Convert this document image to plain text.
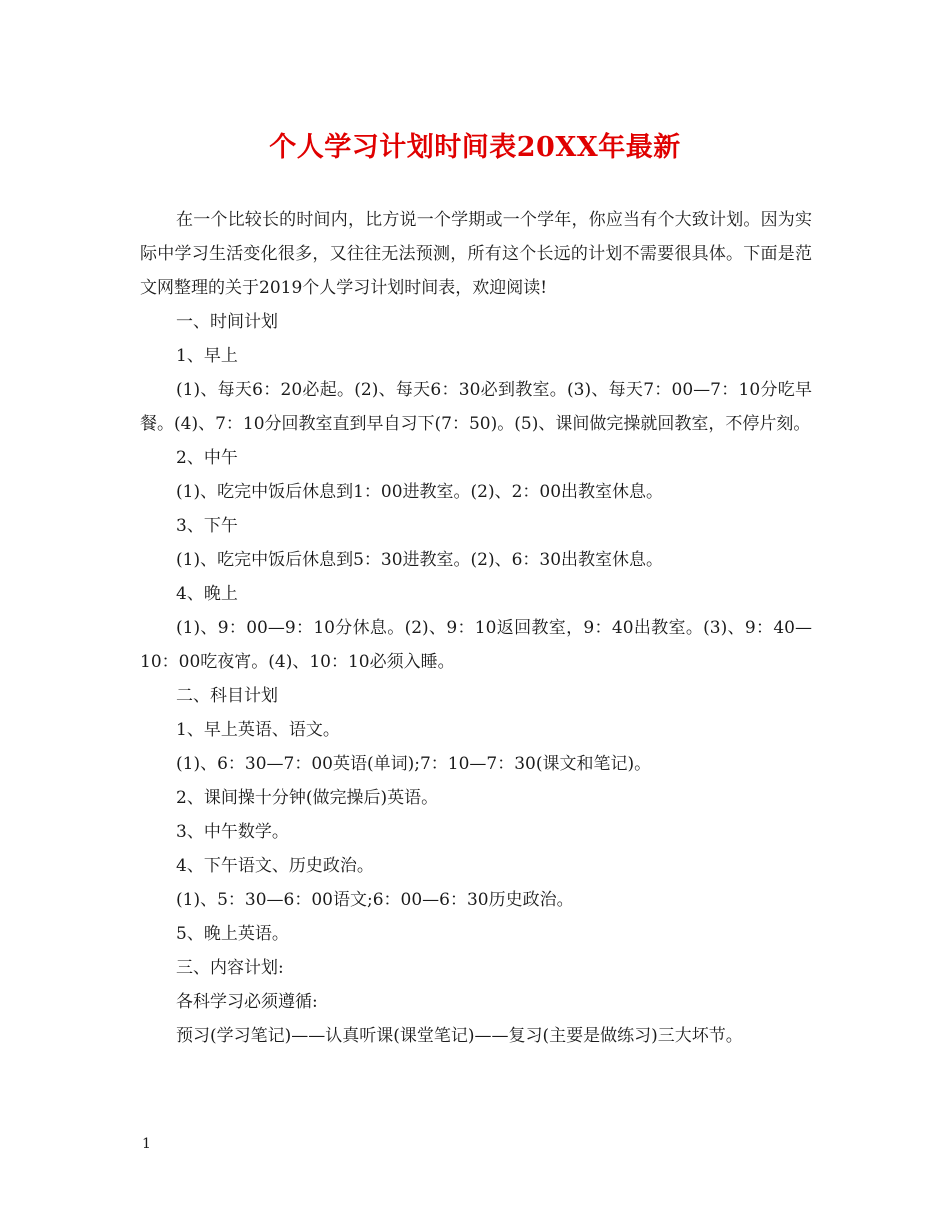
个人学习计划时间表20XX年最新

在一个比较长的时间内，比方说一个学期或一个学年，你应当有个大致计划。因为实际中学习生活变化很多，又往往无法预测，所有这个长远的计划不需要很具体。下面是范文网整理的关于2019个人学习计划时间表，欢迎阅读!

一、时间计划

1、早上

(1)、每天6：20必起。(2)、每天6：30必到教室。(3)、每天7：00—7：10分吃早餐。(4)、7：10分回教室直到早自习下(7：50)。(5)、课间做完操就回教室，不停片刻。

2、中午

(1)、吃完中饭后休息到1：00进教室。(2)、2：00出教室休息。

3、下午

(1)、吃完中饭后休息到5：30进教室。(2)、6：30出教室休息。

4、晚上

(1)、9：00—9：10分休息。(2)、9：10返回教室，9：40出教室。(3)、9：40—10：00吃夜宵。(4)、10：10必须入睡。

二、科目计划

1、早上英语、语文。

(1)、6：30—7：00英语(单词);7：10—7：30(课文和笔记)。

2、课间操十分钟(做完操后)英语。

3、中午数学。

4、下午语文、历史政治。

(1)、5：30—6：00语文;6：00—6：30历史政治。

5、晚上英语。

三、内容计划:

各科学习必须遵循:

预习(学习笔记)——认真听课(课堂笔记)——复习(主要是做练习)三大坏节。

1
